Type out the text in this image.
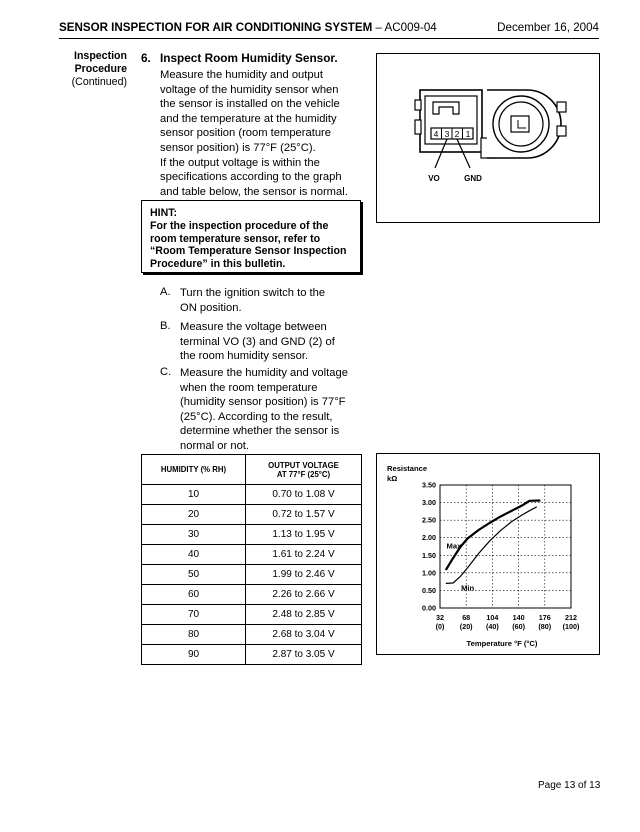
SENSOR INSPECTION FOR AIR CONDITIONING SYSTEM – AC009-04	December 16, 2004
Inspection
Procedure
(Continued)
6. Inspect Room Humidity Sensor.
Measure the humidity and output
voltage of the humidity sensor when
the sensor is installed on the vehicle
and the temperature at the humidity
sensor position (room temperature
sensor position) is 77°F (25°C).
If the output voltage is within the
specifications according to the graph
and table below, the sensor is normal.
HINT:
For the inspection procedure of the
room temperature sensor, refer to
“Room Temperature Sensor Inspection
Procedure” in this bulletin.
A. Turn the ignition switch to the
ON position.
B. Measure the voltage between
terminal VO (3) and GND (2) of
the room humidity sensor.
C. Measure the humidity and voltage
when the room temperature
(humidity sensor position) is 77°F
(25°C). According to the result,
determine whether the sensor is
normal or not.
4 3 2 1
VO	GND
HUMIDITY (% RH)	OUTPUT VOLTAGE
AT 77°F (25°C)

10	0.70 to 1.08 V
20	0.72 to 1.57 V
30	1.13 to 1.95 V
40	1.61 to 2.24 V
50	1.99 to 2.46 V
60	2.26 to 2.66 V
70	2.48 to 2.85 V
80	2.68 to 3.04 V
90	2.87 to 3.05 V
Resistance
kΩ
3.50
3.00
2.50
2.00
1.50
1.00
0.50
0.00
32
(0)
68
(20)
104
(40)
140
(60)
176
(80)
212
(100)
Max
Min
Temperature °F (°C)
Page 13 of 13
